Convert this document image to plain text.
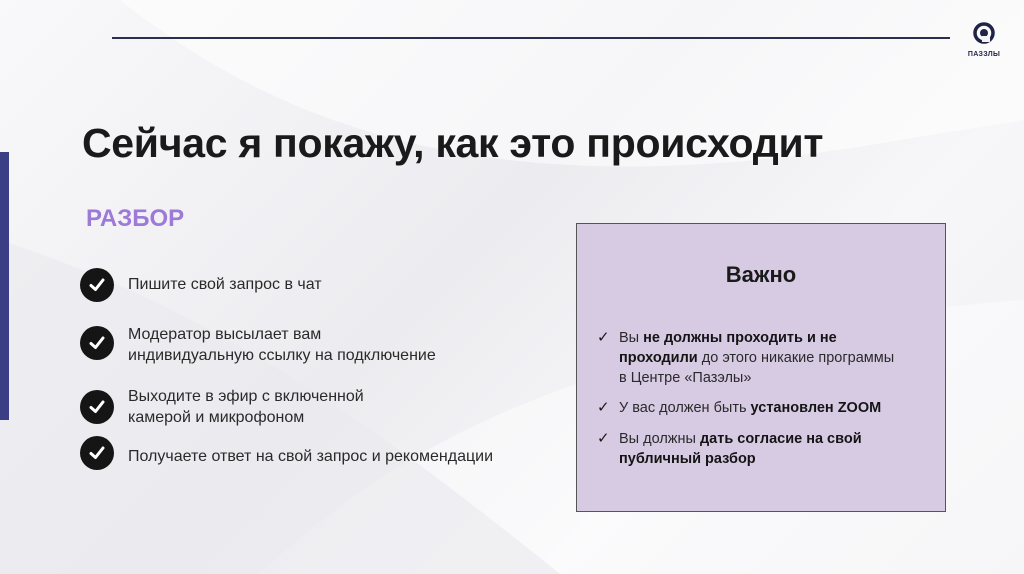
ПАЗЗЛЫ
Сейчас я покажу, как это происходит
РАЗБОР
Пишите свой запрос в чат
Модератор высылает вам
индивидуальную ссылку на подключение
Выходите в эфир с включенной
камерой и микрофоном
Получаете ответ на свой запрос и рекомендации
Важно
✓ Вы не должны проходить и не
проходили до этого никакие программы
в Центре «Пазэлы»
✓ У вас должен быть установлен ZOOM
✓ Вы должны дать согласие на свой
публичный разбор
